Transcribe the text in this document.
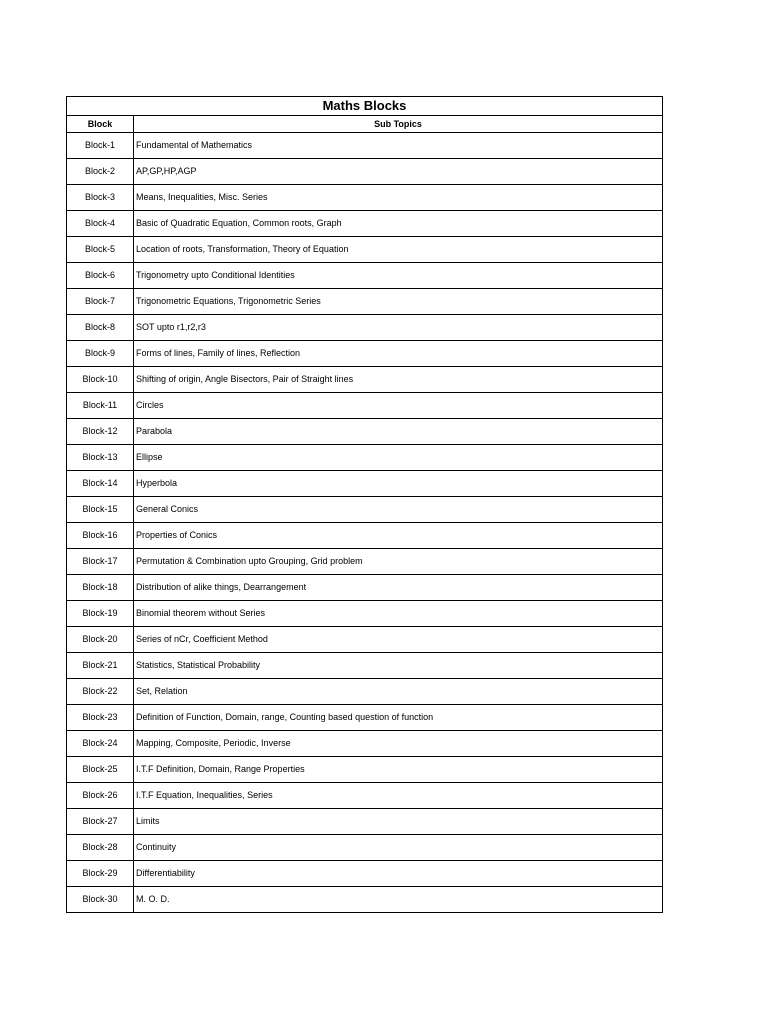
Maths Blocks	
Block	Sub Topics
Block-1	Fundamental of Mathematics
Block-2	AP,GP,HP,AGP
Block-3	Means, Inequalities, Misc. Series
Block-4	Basic of Quadratic Equation, Common roots, Graph
Block-5	Location of roots, Transformation, Theory of Equation
Block-6	Trigonometry upto Conditional Identities
Block-7	Trigonometric Equations, Trigonometric Series
Block-8	SOT upto r1,r2,r3
Block-9	Forms of lines, Family of lines, Reflection
Block-10	Shifting of origin, Angle Bisectors, Pair of Straight lines
Block-11	Circles
Block-12	Parabola
Block-13	Ellipse
Block-14	Hyperbola
Block-15	General Conics
Block-16	Properties of Conics
Block-17	Permutation & Combination upto Grouping, Grid problem
Block-18	Distribution of alike things, Dearrangement
Block-19	Binomial theorem without Series
Block-20	Series of nCr, Coefficient Method
Block-21	Statistics, Statistical Probability
Block-22	Set, Relation
Block-23	Definition of Function, Domain, range, Counting based question of function
Block-24	Mapping, Composite, Periodic, Inverse
Block-25	I.T.F Definition, Domain, Range Properties
Block-26	I.T.F Equation, Inequalities, Series
Block-27	Limits
Block-28	Continuity
Block-29	Differentiability
Block-30	M. O. D.
